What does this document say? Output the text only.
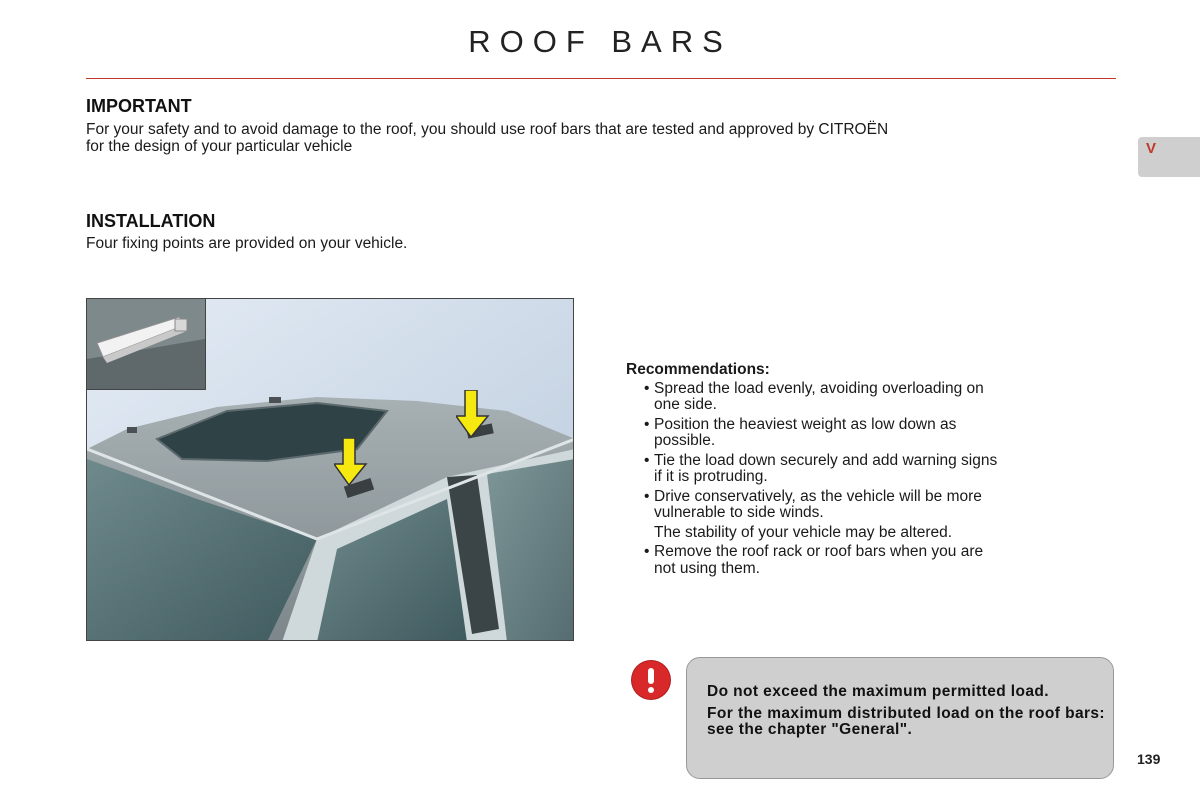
ROOF BARS
V
IMPORTANT
For your safety and to avoid damage to the roof, you should use roof bars that are tested and approved by CITROËN
for the design of your particular vehicle
INSTALLATION
Four fixing points are provided on your vehicle.
Recommendations:
• Spread the load evenly, avoiding overloading on
one side.
• Position the heaviest weight as low down as
possible.
• Tie the load down securely and add warning signs
if it is protruding.
• Drive conservatively, as the vehicle will be more
vulnerable to side winds.
The stability of your vehicle may be altered.
• Remove the roof rack or roof bars when you are
not using them.

Do not exceed the maximum permitted load.

For the maximum distributed load on the roof bars: see the chapter "General".

139
